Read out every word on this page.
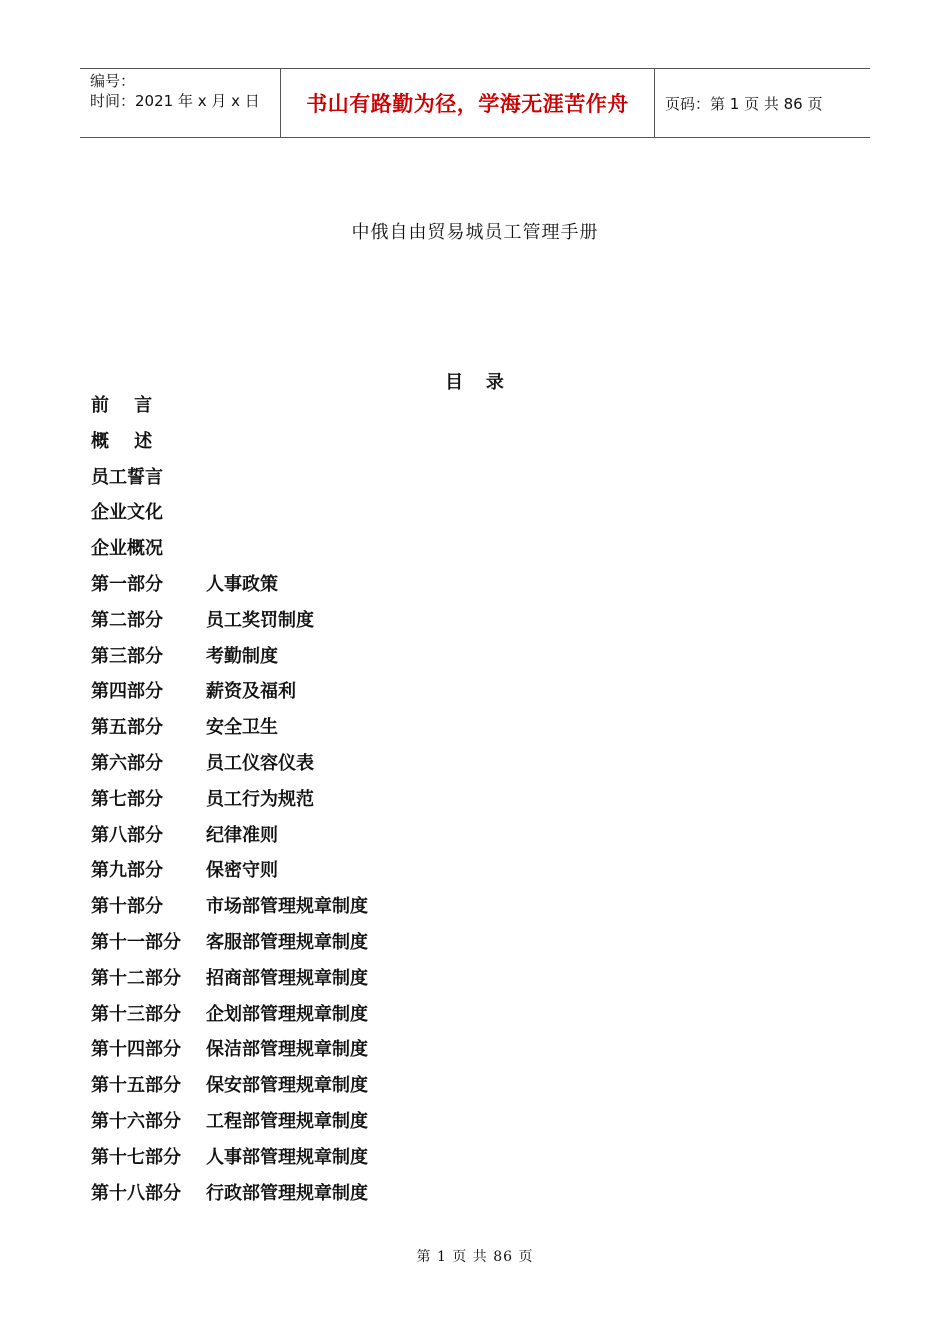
编号：
时间：2021 年 x 月 x 日	书山有路勤为径，学海无涯苦作舟 页码：第 1 页 共 86 页
中俄自由贸易城员工管理手册
目   录
前    言
概    述
员工誓言
企业文化
企业概况
第一部分	人事政策
第二部分	员工奖罚制度
第三部分	考勤制度
第四部分	薪资及福利
第五部分	安全卫生
第六部分	员工仪容仪表
第七部分	员工行为规范
第八部分	纪律准则
第九部分	保密守则
第十部分	市场部管理规章制度
第十一部分	客服部管理规章制度
第十二部分	招商部管理规章制度
第十三部分	企划部管理规章制度
第十四部分	保洁部管理规章制度
第十五部分	保安部管理规章制度
第十六部分	工程部管理规章制度
第十七部分	人事部管理规章制度
第十八部分	行政部管理规章制度
第 1 页 共 86 页
